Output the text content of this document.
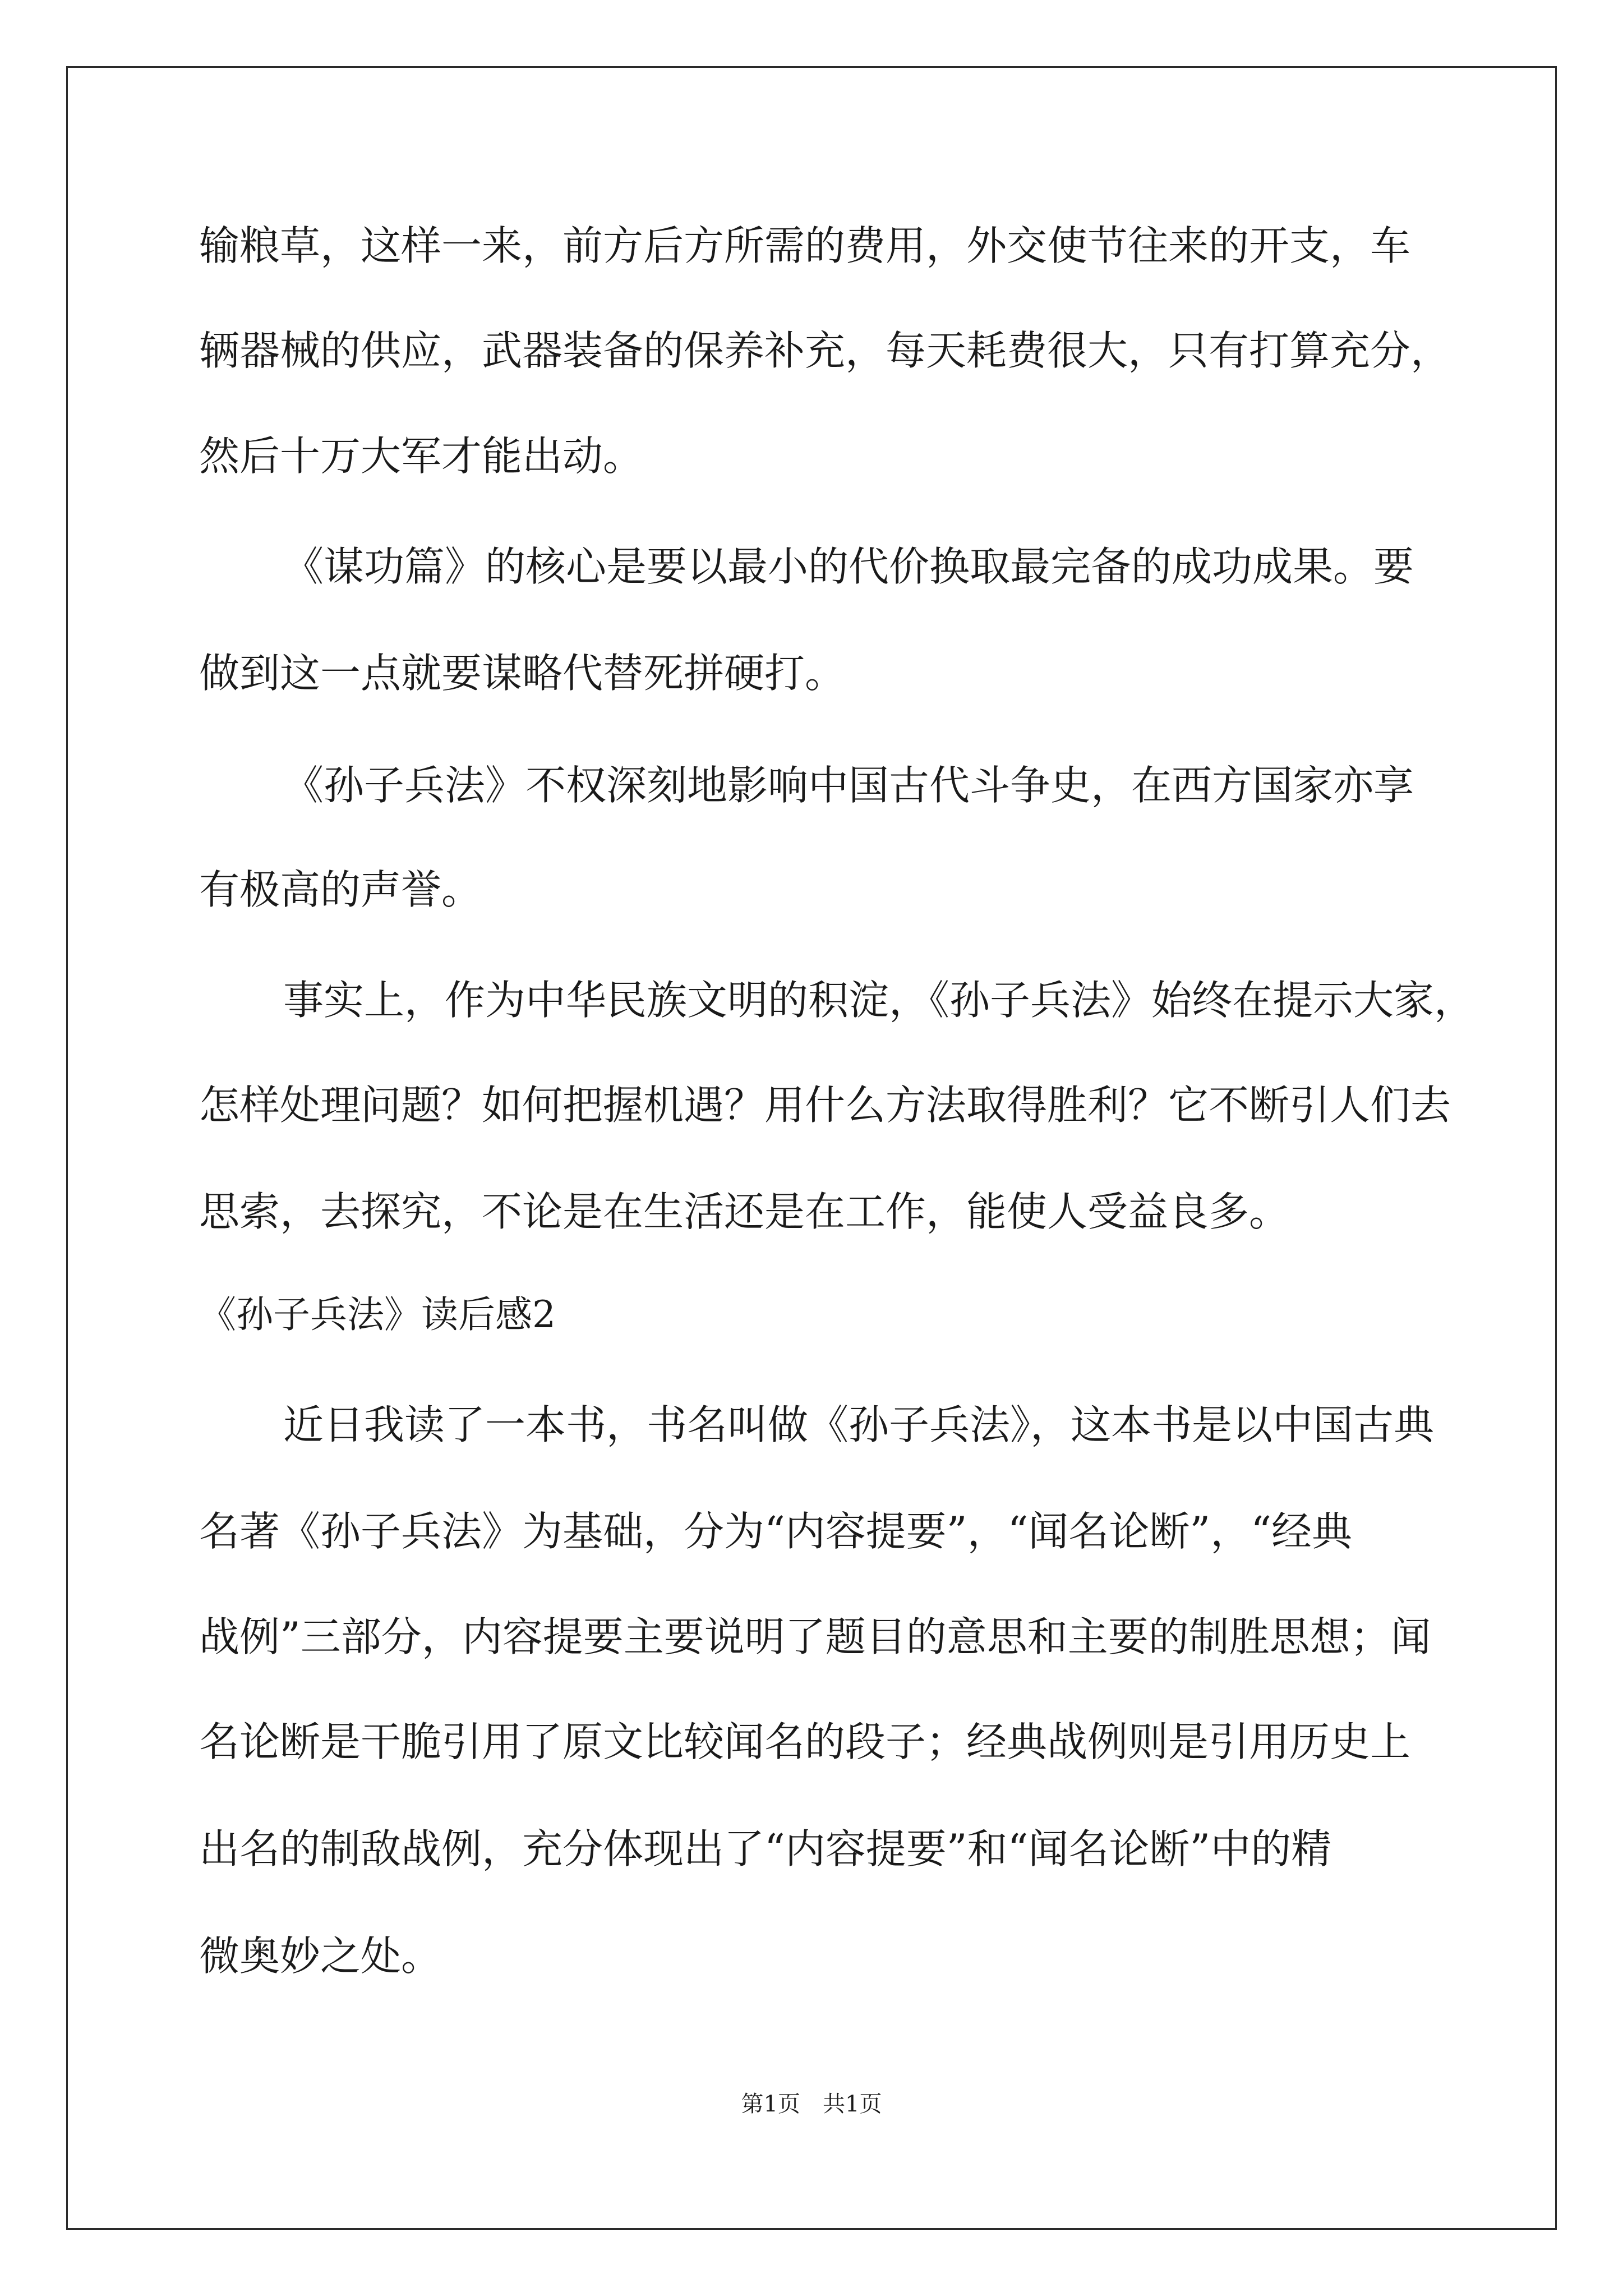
输粮草，这样一来，前方后方所需的费用，外交使节往来的开支，车

辆器械的供应，武器装备的保养补充，每天耗费很大，只有打算充分，

然后十万大军才能出动。

《谋功篇》的核心是要以最小的代价换取最完备的成功成果。要

做到这一点就要谋略代替死拼硬打。

《孙子兵法》不权深刻地影响中国古代斗争史，在西方国家亦享

有极高的声誉。

事实上，作为中华民族文明的积淀，《孙子兵法》始终在提示大家，

怎样处理问题？如何把握机遇？用什么方法取得胜利？它不断引人们去

思索，去探究，不论是在生活还是在工作，能使人受益良多。

《孙子兵法》读后感2

近日我读了一本书，书名叫做《孙子兵法》，这本书是以中国古典

名著《孙子兵法》为基础，分为“内容提要”，“闻名论断”，“经典

战例”三部分，内容提要主要说明了题目的意思和主要的制胜思想；闻

名论断是干脆引用了原文比较闻名的段子；经典战例则是引用历史上

出名的制敌战例，充分体现出了“内容提要”和“闻名论断”中的精

微奥妙之处。

第1页　共1页
